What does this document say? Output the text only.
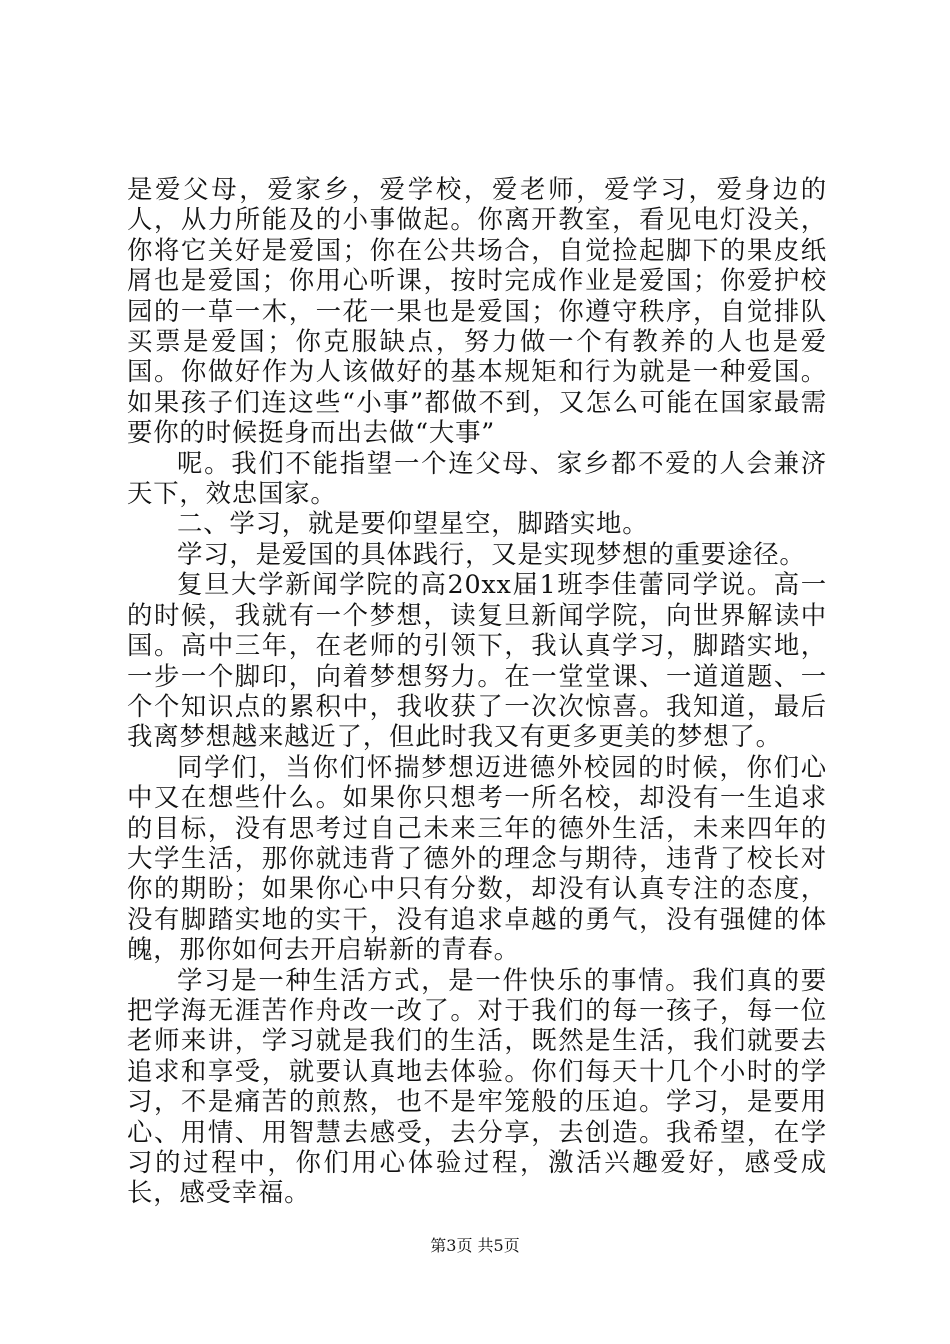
是爱父母，爱家乡，爱学校，爱老师，爱学习，爱身边的人，从力所能及的小事做起。你离开教室，看见电灯没关，你将它关好是爱国；你在公共场合，自觉捡起脚下的果皮纸屑也是爱国；你用心听课，按时完成作业是爱国；你爱护校园的一草一木，一花一果也是爱国；你遵守秩序，自觉排队买票是爱国；你克服缺点，努力做一个有教养的人也是爱国。你做好作为人该做好的基本规矩和行为就是一种爱国。如果孩子们连这些“小事”都做不到，又怎么可能在国家最需要你的时候挺身而出去做“大事”

呢。我们不能指望一个连父母、家乡都不爱的人会兼济天下，效忠国家。

二、学习，就是要仰望星空，脚踏实地。

学习，是爱国的具体践行，又是实现梦想的重要途径。

复旦大学新闻学院的高20xx届1班李佳蕾同学说。高一的时候，我就有一个梦想，读复旦新闻学院，向世界解读中国。高中三年，在老师的引领下，我认真学习，脚踏实地，一步一个脚印，向着梦想努力。在一堂堂课、一道道题、一个个知识点的累积中，我收获了一次次惊喜。我知道，最后我离梦想越来越近了，但此时我又有更多更美的梦想了。

同学们，当你们怀揣梦想迈进德外校园的时候，你们心中又在想些什么。如果你只想考一所名校，却没有一生追求的目标，没有思考过自己未来三年的德外生活，未来四年的大学生活，那你就违背了德外的理念与期待，违背了校长对你的期盼；如果你心中只有分数，却没有认真专注的态度，没有脚踏实地的实干，没有追求卓越的勇气，没有强健的体魄，那你如何去开启崭新的青春。

学习是一种生活方式，是一件快乐的事情。我们真的要把学海无涯苦作舟改一改了。对于我们的每一孩子，每一位老师来讲，学习就是我们的生活，既然是生活，我们就要去追求和享受，就要认真地去体验。你们每天十几个小时的学习，不是痛苦的煎熬，也不是牢笼般的压迫。学习，是要用心、用情、用智慧去感受，去分享，去创造。我希望，在学习的过程中，你们用心体验过程，激活兴趣爱好，感受成长，感受幸福。

第3页 共5页
